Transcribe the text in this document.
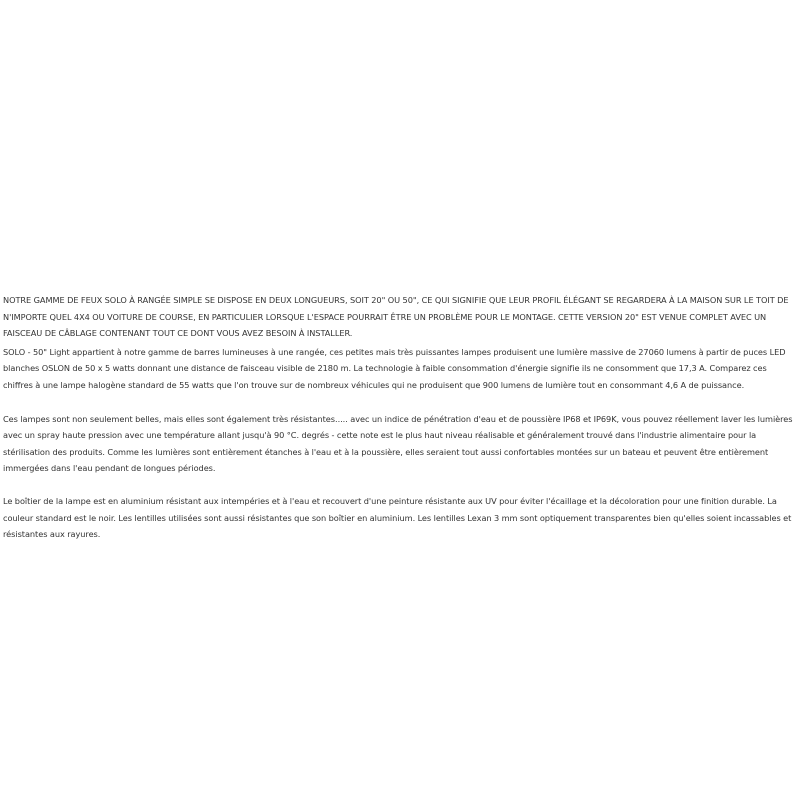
NOTRE GAMME DE FEUX SOLO À RANGÉE SIMPLE SE DISPOSE EN DEUX LONGUEURS, SOIT 20" OU 50", CE QUI SIGNIFIE QUE LEUR PROFIL ÉLÉGANT SE REGARDERA À LA MAISON SUR LE TOIT DE N'IMPORTE QUEL 4X4 OU VOITURE DE COURSE, EN PARTICULIER LORSQUE L'ESPACE POURRAIT ÊTRE UN PROBLÈME POUR LE MONTAGE. CETTE VERSION 20" EST VENUE COMPLET AVEC UN FAISCEAU DE CÂBLAGE CONTENANT TOUT CE DONT VOUS AVEZ BESOIN À INSTALLER.

SOLO - 50" Light appartient à notre gamme de barres lumineuses à une rangée, ces petites mais très puissantes lampes produisent une lumière massive de 27060 lumens à partir de puces LED blanches OSLON de 50 x 5 watts donnant une distance de faisceau visible de 2180 m. La technologie à faible consommation d'énergie signifie ils ne consomment que 17,3 A. Comparez ces chiffres à une lampe halogène standard de 55 watts que l'on trouve sur de nombreux véhicules qui ne produisent que 900 lumens de lumière tout en consommant 4,6 A de puissance.

Ces lampes sont non seulement belles, mais elles sont également très résistantes..... avec un indice de pénétration d'eau et de poussière IP68 et IP69K, vous pouvez réellement laver les lumières avec un spray haute pression avec une température allant jusqu'à 90 °C. degrés - cette note est le plus haut niveau réalisable et généralement trouvé dans l'industrie alimentaire pour la stérilisation des produits. Comme les lumières sont entièrement étanches à l'eau et à la poussière, elles seraient tout aussi confortables montées sur un bateau et peuvent être entièrement immergées dans l'eau pendant de longues périodes.

Le boîtier de la lampe est en aluminium résistant aux intempéries et à l'eau et recouvert d'une peinture résistante aux UV pour éviter l'écaillage et la décoloration pour une finition durable. La couleur standard est le noir. Les lentilles utilisées sont aussi résistantes que son boîtier en aluminium. Les lentilles Lexan 3 mm sont optiquement transparentes bien qu'elles soient incassables et résistantes aux rayures.
